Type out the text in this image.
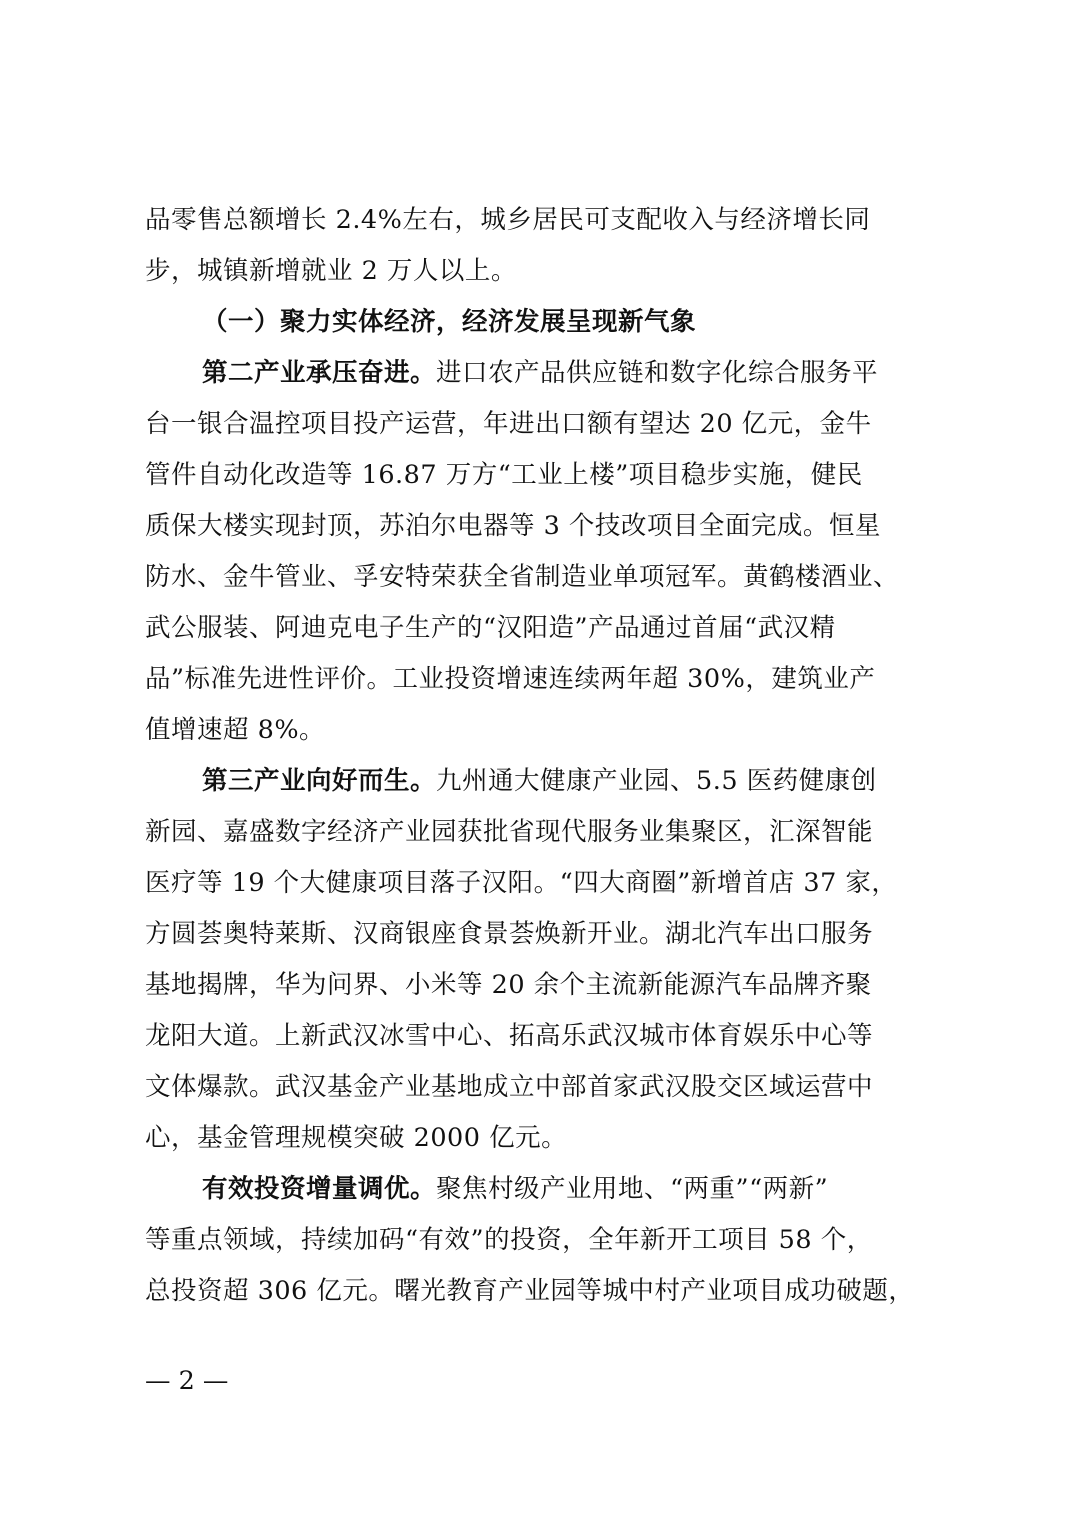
品零售总额增长 2.4%左右，城乡居民可支配收入与经济增长同
步，城镇新增就业 2 万人以上。
（一）聚力实体经济，经济发展呈现新气象
第二产业承压奋进。进口农产品供应链和数字化综合服务平
台一银合温控项目投产运营，年进出口额有望达 20 亿元，金牛
管件自动化改造等 16.87 万方“工业上楼”项目稳步实施，健民
质保大楼实现封顶，苏泊尔电器等 3 个技改项目全面完成。恒星
防水、金牛管业、孚安特荣获全省制造业单项冠军。黄鹤楼酒业、
武公服装、阿迪克电子生产的“汉阳造”产品通过首届“武汉精
品”标准先进性评价。工业投资增速连续两年超 30%，建筑业产
值增速超 8%。
第三产业向好而生。九州通大健康产业园、5.5 医药健康创
新园、嘉盛数字经济产业园获批省现代服务业集聚区，汇深智能
医疗等 19 个大健康项目落子汉阳。“四大商圈”新增首店 37 家，
方圆荟奥特莱斯、汉商银座食景荟焕新开业。湖北汽车出口服务
基地揭牌，华为问界、小米等 20 余个主流新能源汽车品牌齐聚
龙阳大道。上新武汉冰雪中心、拓高乐武汉城市体育娱乐中心等
文体爆款。武汉基金产业基地成立中部首家武汉股交区域运营中
心，基金管理规模突破 2000 亿元。
有效投资增量调优。聚焦村级产业用地、“两重”“两新”
等重点领域，持续加码“有效”的投资，全年新开工项目 58 个，
总投资超 306 亿元。曙光教育产业园等城中村产业项目成功破题，
— 2 —
